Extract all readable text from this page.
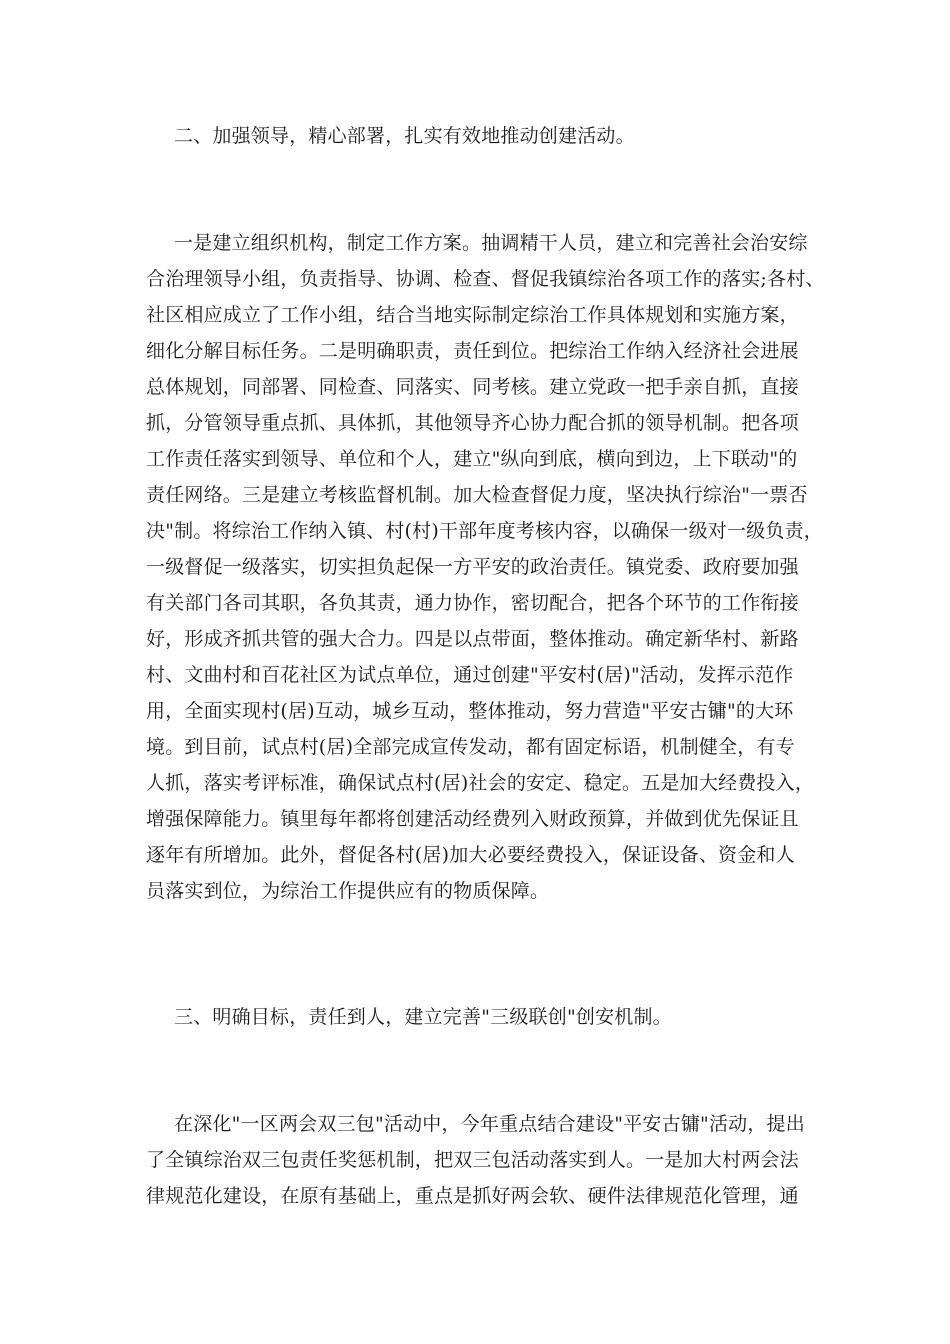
二、加强领导，精心部署，扎实有效地推动创建活动。
一是建立组织机构，制定工作方案。抽调精干人员，建立和完善社会治安综
合治理领导小组，负责指导、协调、检查、督促我镇综治各项工作的落实;各村、
社区相应成立了工作小组，结合当地实际制定综治工作具体规划和实施方案，
细化分解目标任务。二是明确职责，责任到位。把综治工作纳入经济社会进展
总体规划，同部署、同检查、同落实、同考核。建立党政一把手亲自抓，直接
抓，分管领导重点抓、具体抓，其他领导齐心协力配合抓的领导机制。把各项
工作责任落实到领导、单位和个人，建立"纵向到底，横向到边，上下联动"的
责任网络。三是建立考核监督机制。加大检查督促力度，坚决执行综治"一票否
决"制。将综治工作纳入镇、村(村)干部年度考核内容，以确保一级对一级负责，
一级督促一级落实，切实担负起保一方平安的政治责任。镇党委、政府要加强
有关部门各司其职，各负其责，通力协作，密切配合，把各个环节的工作衔接
好，形成齐抓共管的强大合力。四是以点带面，整体推动。确定新华村、新路
村、文曲村和百花社区为试点单位，通过创建"平安村(居)"活动，发挥示范作
用，全面实现村(居)互动，城乡互动，整体推动，努力营造"平安古镛"的大环
境。到目前，试点村(居)全部完成宣传发动，都有固定标语，机制健全，有专
人抓，落实考评标准，确保试点村(居)社会的安定、稳定。五是加大经费投入，
增强保障能力。镇里每年都将创建活动经费列入财政预算，并做到优先保证且
逐年有所增加。此外，督促各村(居)加大必要经费投入，保证设备、资金和人
员落实到位，为综治工作提供应有的物质保障。
三、明确目标，责任到人，建立完善"三级联创"创安机制。
在深化"一区两会双三包"活动中，今年重点结合建设"平安古镛"活动，提出
了全镇综治双三包责任奖惩机制，把双三包活动落实到人。一是加大村两会法
律规范化建设，在原有基础上，重点是抓好两会软、硬件法律规范化管理，通
